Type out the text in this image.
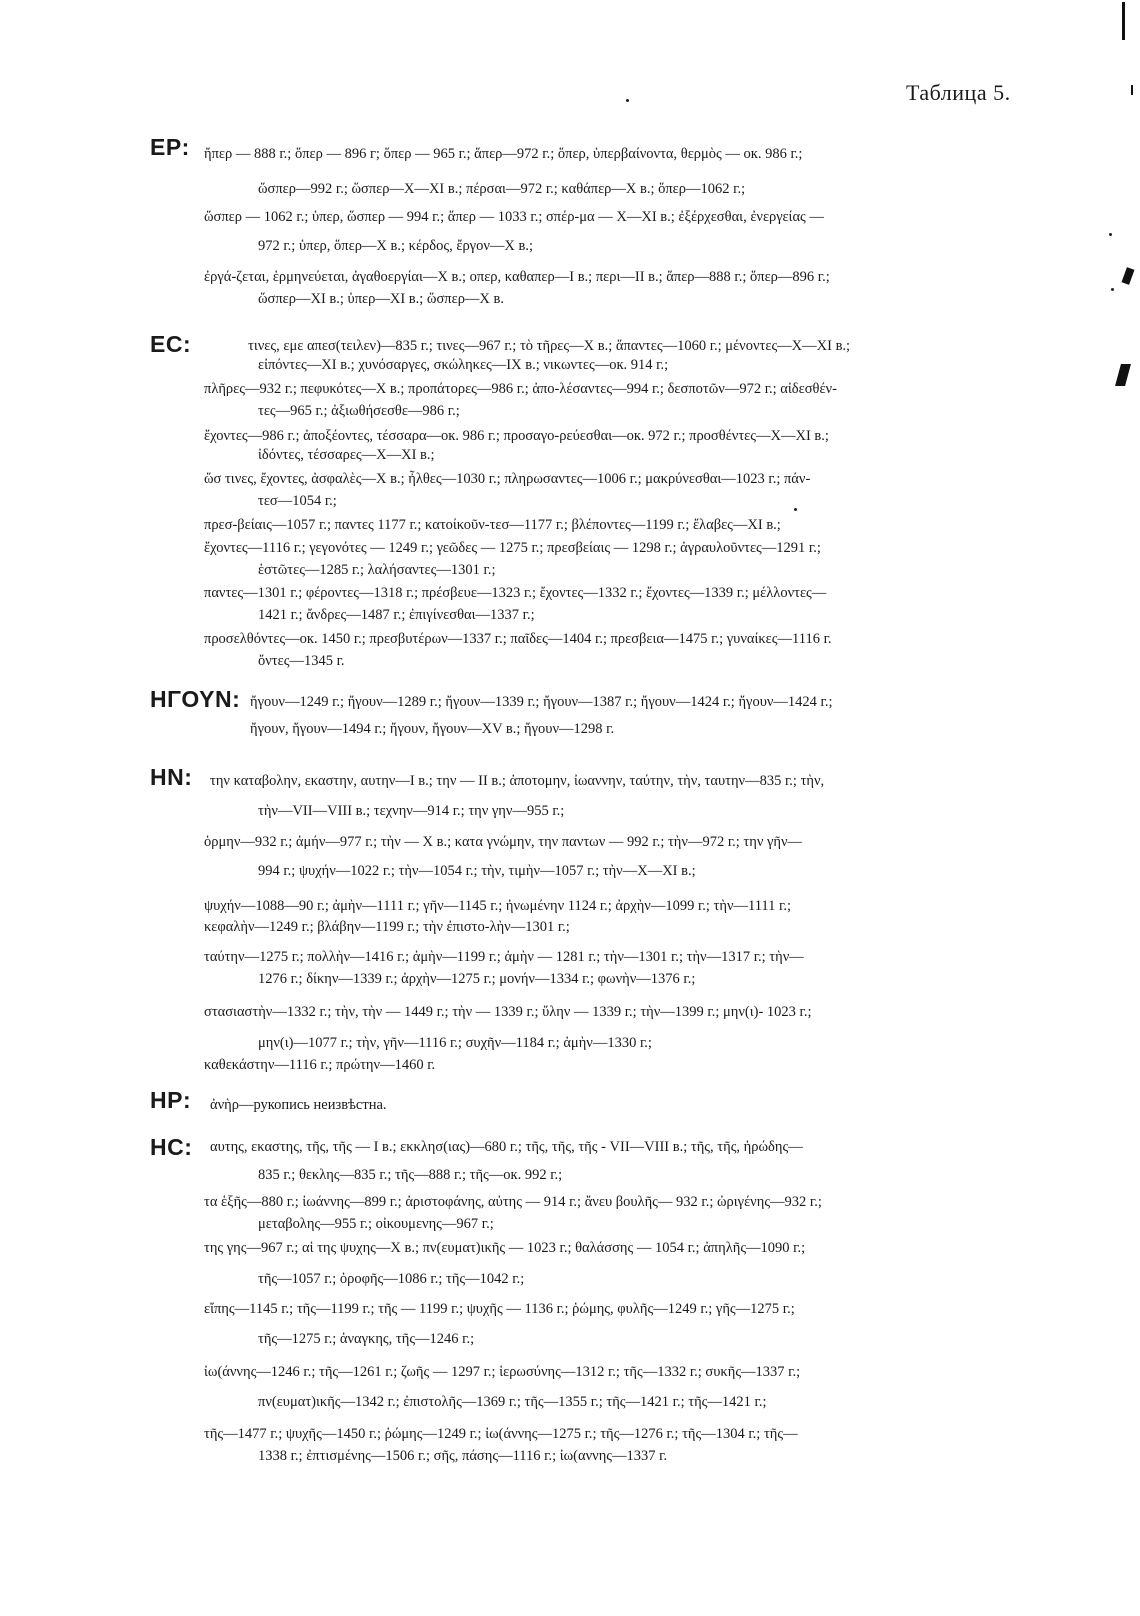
Таблица 5.
ΕΡ: ἤπερ — 888 г.; ὅπερ — 896 г; ὅπερ — 965 г.; ἅπερ—972 г.; ὅπερ, ὑπερβαίνοντα, θερμὸς — ок. 986 г.;
ὥσπερ—992 г.; ὥσπερ—X—XI в.; πέρσαι—972 г.; καθάπερ—X в.; ὅπερ—1062 г.;
ὥσπερ — 1062 г.; ὑπερ, ὥσπερ — 994 г.; ἅπερ — 1033 г.; σπέρ-μα — X—XI в.; ἐξέρχεσθαι, ἐνεργείας —
972 г.; ὑπερ, ὅπερ—X в.; κέρδος, ἔργον—X в.;
ἐργά-ζεται, ἑρμηνεύεται, ἀγαθοεργίαι—X в.; οπερ, καθαπερ—I в.; περι—II в.; ἅπερ—888 г.; ὅπερ—896 г.;
ὥσπερ—XI в.; ὑπερ—XI в.; ὥσπερ—X в.
ΕC:	τινες, εμε απεσ(τειλεν)—835 г.; τινες—967 г.; τὸ τῆρες—X в.; ἅπαντες—1060 г.; μένοντες—X—XI в.;
εἰπόντες—XI в.; χυνόσαργες, σκώληκες—IX в.; νικωντες—ок. 914 г.;
πλῆρες—932 г.; πεφυκότες—X в.; προπάτορες—986 г.; ἀπο-λέσαντες—994 г.; δεσποτῶν—972 г.; αἰδεσθέν-
τες—965 г.; ἀξιωθήσεσθε—986 г.;
ἔχοντες—986 г.; ἀποξέοντες, τέσσαρα—ок. 986 г.; προσαγο-ρεύεσθαι—ок. 972 г.; προσθέντες—X—XI в.;
ἰδόντες, τέσσαρες—X—XI в.;
ὥσ τινες, ἔχοντες, ἀσφαλὲς—X в.; ἦλθες—1030 г.; πληρωσαντες—1006 г.; μακρύνεσθαι—1023 г.; πάν-
τεσ—1054 г.;
πρεσ-βείαις—1057 г.; παντες 1177 г.; κατοίκοῦν-τεσ—1177 г.; βλέποντες—1199 г.; ἔλαβες—XI в.;
ἔχοντες—1116 г.; γεγονότες — 1249 г.; γεῶδες — 1275 г.; πρεσβείαις — 1298 г.; ἀγραυλοῦντες—1291 г.;
ἑστῶτες—1285 г.; λαλήσαντες—1301 г.;
παντες—1301 г.; φέροντες—1318 г.; πρέσβευε—1323 г.; ἔχοντες—1332 г.; ἔχοντες—1339 г.; μέλλοντες—
1421 г.; ἄνδρες—1487 г.; ἐπιγίνεσθαι—1337 г.;
προσελθόντες—ок. 1450 г.; πρεσβυτέρων—1337 г.; παῖδες—1404 г.; πρεσβεια—1475 г.; γυναίκες—1116 г.
ὄντες—1345 г.
ΗΓΟΥΝ: ἤγουν—1249 г.; ἤγουν—1289 г.; ἤγουν—1339 г.; ἤγουν—1387 г.; ἤγουν—1424 г.; ἤγουν—1424 г.;
ἤγουν, ἤγουν—1494 г.; ἤγουν, ἤγουν—XV в.; ἤγουν—1298 г.
ΗΝ: την καταβολην, εκαστην, αυτην—I в.; την — II в.; ἀποτομην, ἰωαννην, ταύτην, τὴν, ταυτην—835 г.; τὴν,
τὴν—VII—VIII в.; τεχνην—914 г.; την γην—955 г.;
ὁρμην—932 г.; ἀμήν—977 г.; τὴν — X в.; κατα γνώμην, την παντων — 992 г.; τὴν—972 г.; την γῆν—
994 г.; ψυχήν—1022 г.; τὴν—1054 г.; τὴν, τιμὴν—1057 г.; τὴν—X—XI в.;
ψυχήν—1088—90 г.; ἀμὴν—1111 г.; γῆν—1145 г.; ἠνωμένην 1124 г.; ἀρχὴν—1099 г.; τὴν—1111 г.;
κεφαλὴν—1249 г.; βλάβην—1199 г.; τὴν ἐπιστο-λὴν—1301 г.;
ταύτην—1275 г.; πολλὴν—1416 г.; ἀμὴν—1199 г.; ἀμὴν — 1281 г.; τὴν—1301 г.; τὴν—1317 г.; τὴν—
1276 г.; δίκην—1339 г.; ἀρχὴν—1275 г.; μονήν—1334 г.; φωνὴν—1376 г.;
στασιαστὴν—1332 г.; τὴν, τὴν — 1449 г.; τὴν — 1339 г.; ὕλην — 1339 г.; τὴν—1399 г.; μην(ι)- 1023 г.;
μην(ι)—1077 г.; τὴν, γῆν—1116 г.; συχῆν—1184 г.; ἀμὴν—1330 г.;
καθεκάστην—1116 г.; πρώτην—1460 г.
ΗΡ: ἀνὴρ—рукопись неизвѣстна.
ΗC: αυτης, εκαστης, τῆς, τῆς — I в.; εκκλησ(ιας)—680 г.; τῆς, τῆς, τῆς - VII—VIII в.; τῆς, τῆς, ἡρώδης—
835 г.; θεκλης—835 г.; τῆς—888 г.; τῆς—ок. 992 г.;
τα ἑξῆς—880 г.; ἰωάννης—899 г.; ἀριστοφάνης, αὐτης — 914 г.; ἄνευ βουλῆς— 932 г.; ὠριγένης—932 г.;
μεταβολης—955 г.; οἰκουμενης—967 г.;
της γης—967 г.; αἱ της ψυχης—X в.; πν(ευματ)ικῆς — 1023 г.; θαλάσσης — 1054 г.; ἀπηλῆς—1090 г.;
τῆς—1057 г.; ὀροφῆς—1086 г.; τῆς—1042 г.;
εἴπης—1145 г.; τῆς—1199 г.; τῆς — 1199 г.; ψυχῆς — 1136 г.; ῥώμης, φυλῆς—1249 г.; γῆς—1275 г.;
τῆς—1275 г.; ἀναγκης, τῆς—1246 г.;
ἰω(άννης—1246 г.; τῆς—1261 г.; ζωῆς — 1297 г.; ἱερωσύνης—1312 г.; τῆς—1332 г.; συκῆς—1337 г.;
πν(ευματ)ικῆς—1342 г.; ἐπιστολῆς—1369 г.; τῆς—1355 г.; τῆς—1421 г.; τῆς—1421 г.;
τῆς—1477 г.; ψυχῆς—1450 г.; ῥώμης—1249 г.; ἰω(άννης—1275 г.; τῆς—1276 г.; τῆς—1304 г.; τῆς—
1338 г.; ἐπτισμένης—1506 г.; σῆς, πάσης—1116 г.; ἰω(αννης—1337 г.
